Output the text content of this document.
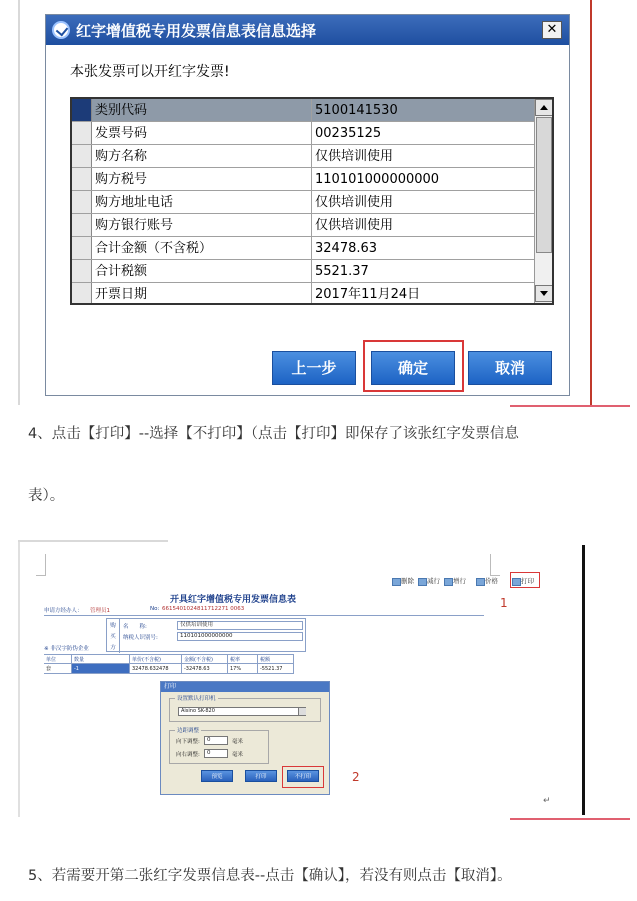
红字增值税专用发票信息表信息选择	✕
本张发票可以开红字发票!
类别代码	5100141530
发票号码	00235125
购方名称	仅供培训使用
购方税号	110101000000000
购方地址电话	仅供培训使用
购方银行账号	仅供培训使用
合计金额（不含税）	32478.63
合计税额	5521.37
开票日期	2017年11月24日
上一步	确定	取消
4、点击【打印】--选择【不打印】（点击【打印】即保存了该张红字发票信息
表）。
删除	减行	增行	价格	打印
1
开具红字增值税专用发票信息表
申请方经办人： 管理员1	No: 6615401024811712271 0063
购
买
方
名　　称:	仅供培训使用
纳税人识别号:	110101000000000
※ 非汉字防伪企业
单位	数量	单价(不含税)	金额(不含税)	税率	税额
套	-1	32478.632478	-32478.63	17%	-5521.37
打印
设置默认打印机
Aisino SK-820
边距调整
向下调整:	0	毫米
向右调整:	0	毫米
预览	打印	不打印	2
↵
5、若需要开第二张红字发票信息表--点击【确认】，若没有则点击【取消】。
